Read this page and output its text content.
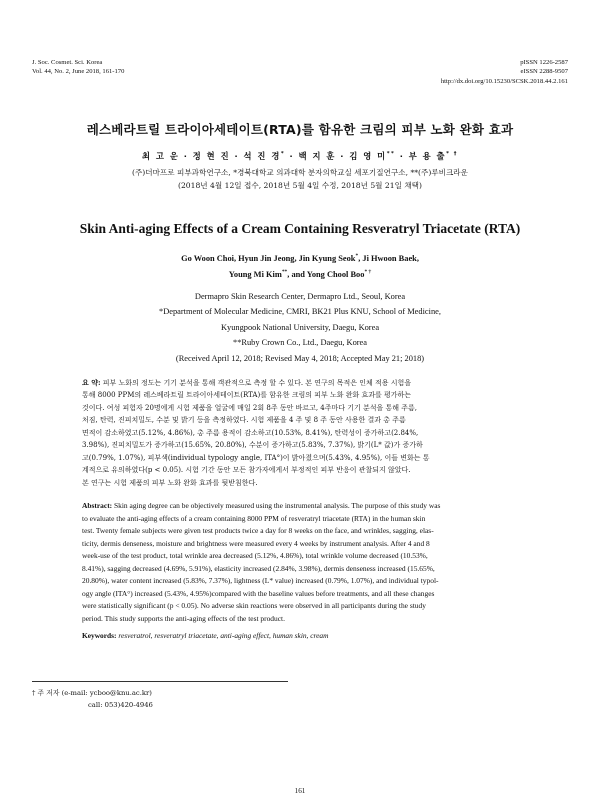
J. Soc. Cosmet. Sci. Korea
Vol. 44, No. 2, June 2018, 161-170
pISSN 1226-2587
eISSN 2288-9507
http://dx.doi.org/10.15230/SCSK.2018.44.2.161
레스베라트릴 트라이아세테이트(RTA)를 함유한 크림의 피부 노화 완화 효과
최 고 운 · 정 현 진 · 석 진 경* · 백 지 훈 · 김 영 미** · 부 용 출* †
(주)더마프로 피부과학연구소, *경북대학교 의과대학 분자의학교실 세포기질연구소, **(주)루비크라운
(2018년 4월 12일 접수, 2018년 5월 4일 수정, 2018년 5월 21일 채택)
Skin Anti-aging Effects of a Cream Containing Resveratryl Triacetate (RTA)
Go Woon Choi, Hyun Jin Jeong, Jin Kyung Seok*, Ji Hwoon Baek,
Young Mi Kim**, and Yong Chool Boo* †
Dermapro Skin Research Center, Dermapro Ltd., Seoul, Korea
*Department of Molecular Medicine, CMRI, BK21 Plus KNU, School of Medicine,
Kyungpook National University, Daegu, Korea
**Ruby Crown Co., Ltd., Daegu, Korea
(Received April 12, 2018; Revised May 4, 2018; Accepted May 21; 2018)
요 약: 피부 노화의 정도는 기기 분석을 통해 객관적으로 측정 할 수 있다. 본 연구의 목적은 인체 적용 시험을
통해 8000 PPM의 레스베라트릴 트라이아세테이트(RTA)를 함유한 크림의 피부 노화 완화 효과를 평가하는
것이다. 여성 피험자 20명에게 시험 제품을 얼굴에 매일 2회 8주 동안 바르고, 4주마다 기기 분석을 통해 주름,
처짐, 탄력, 진피치밀도, 수분 및 밝기 등을 측정하였다. 시험 제품을 4 주 및 8 주 동안 사용한 결과 총 주름
면적이 감소하였고(5.12%, 4.86%), 총 주름 용적이 감소하고(10.53%, 8.41%), 탄력성이 증가하고(2.84%,
3.98%), 진피치밀도가 증가하고(15.65%, 20.80%), 수분이 증가하고(5.83%, 7.37%), 밝기(L* 값)가 증가하
고(0.79%, 1.07%), 피부색(individual typology angle, ITA°)이 밝아졌으며(5.43%, 4.95%), 이들 변화는 통
계적으로 유의하였다(p < 0.05). 시험 기간 동안 모든 참가자에게서 부정적인 피부 반응이 관찰되지 않았다.
본 연구는 시험 제품의 피부 노화 완화 효과를 뒷받침한다.
Abstract: Skin aging degree can be objectively measured using the instrumental analysis. The purpose of this study was
to evaluate the anti-aging effects of a cream containing 8000 PPM of resveratryl triacetate (RTA) in the human skin
test. Twenty female subjects were given test products twice a day for 8 weeks on the face, and wrinkles, sagging, elas-
ticity, dermis denseness, moisture and brightness were measured every 4 weeks by instrument analysis. After 4 and 8
week-use of the test product, total wrinkle area decreased (5.12%, 4.86%), total wrinkle volume decreased (10.53%,
8.41%), sagging decreased (4.69%, 5.91%), elasticity increased (2.84%, 3.98%), dermis denseness increased (15.65%,
20.80%), water content increased (5.83%, 7.37%), lightness (L* value) increased (0.79%, 1.07%), and individual typol-
ogy angle (ITA°) increased (5.43%, 4.95%)compared with the baseline values before treatments, and all these changes
were statistically significant (p < 0.05). No adverse skin reactions were observed in all participants during the study
period. This study supports the anti-aging effects of the test product.
Keywords: resveratrol, resveratryl triacetate, anti-aging effect, human skin, cream
† 주 저자 (e-mail: ycboo@knu.ac.kr)
call: 053)420-4946
161
